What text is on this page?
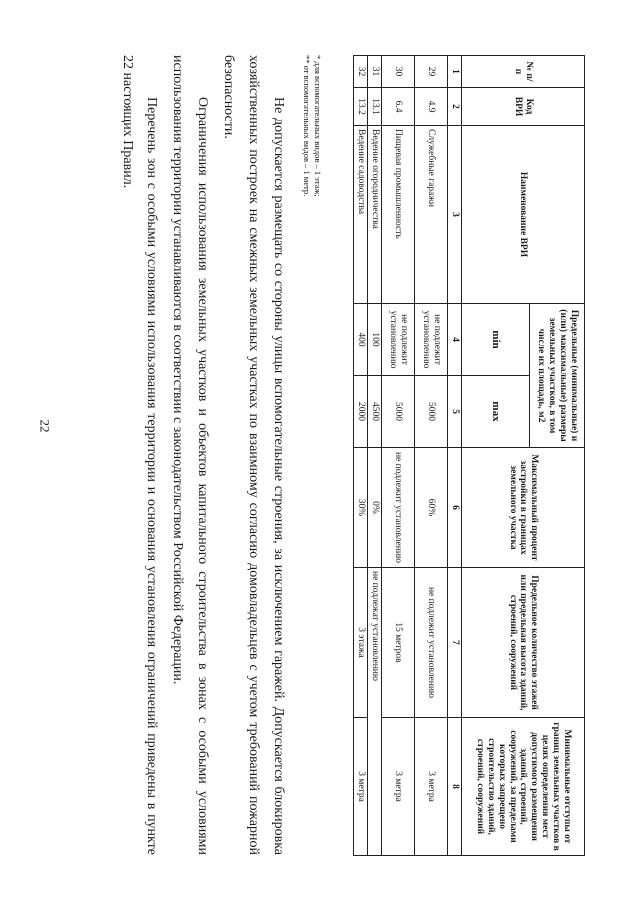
22
№ п/п	Код ВРИ	Наименование ВРИ	Предельные (минимальные) и (или) максимальные) размеры земельных участков, в том числе их площадь, м2		Максимальный процент застройки в границах земельного участка	Предельное количество этажей или предельная высота зданий, строений, сооружений	Минимальные отступы от границ земельных участков в целях определения мест допустимого размещения зданий, строений, сооружений, за пределами которых запрещено строительство зданий, строений, сооружений
			min	max			
1	2	3	4	5	6	7	8
29	4.9	Служебные гаражи	не подлежит установлению	5000	60%	не подлежит установлению	3 метра
30	6.4	Пищевая промышленность	не подлежит установлению	5000	не подлежит установлению	15 метров	3 метра
31	13.1	Ведение огородничества	100	4500	0%	не подлежат установлению	
32	13.2	Ведение садоводства	400	2000	30%	3 этажа	3 метра
* для вспомогательных видов – 1 этаж;
** от вспомогательных видов – 1 метр.

Не допускается размещать со стороны улицы вспомогательные строения, за исключением гаражей. Допускается блокировка хозяйственных построек на смежных земельных участках по взаимному согласию домовладельцев с учетом требований пожарной безопасности.

Ограничения использования земельных участков и объектов капитального строительства в зонах с особыми условиями использования территории устанавливаются в соответствии с законодательством Российской Федерации.

Перечень зон с особыми условиями использования территории и основания установления ограничений приведены в пункте 22 настоящих Правил.
